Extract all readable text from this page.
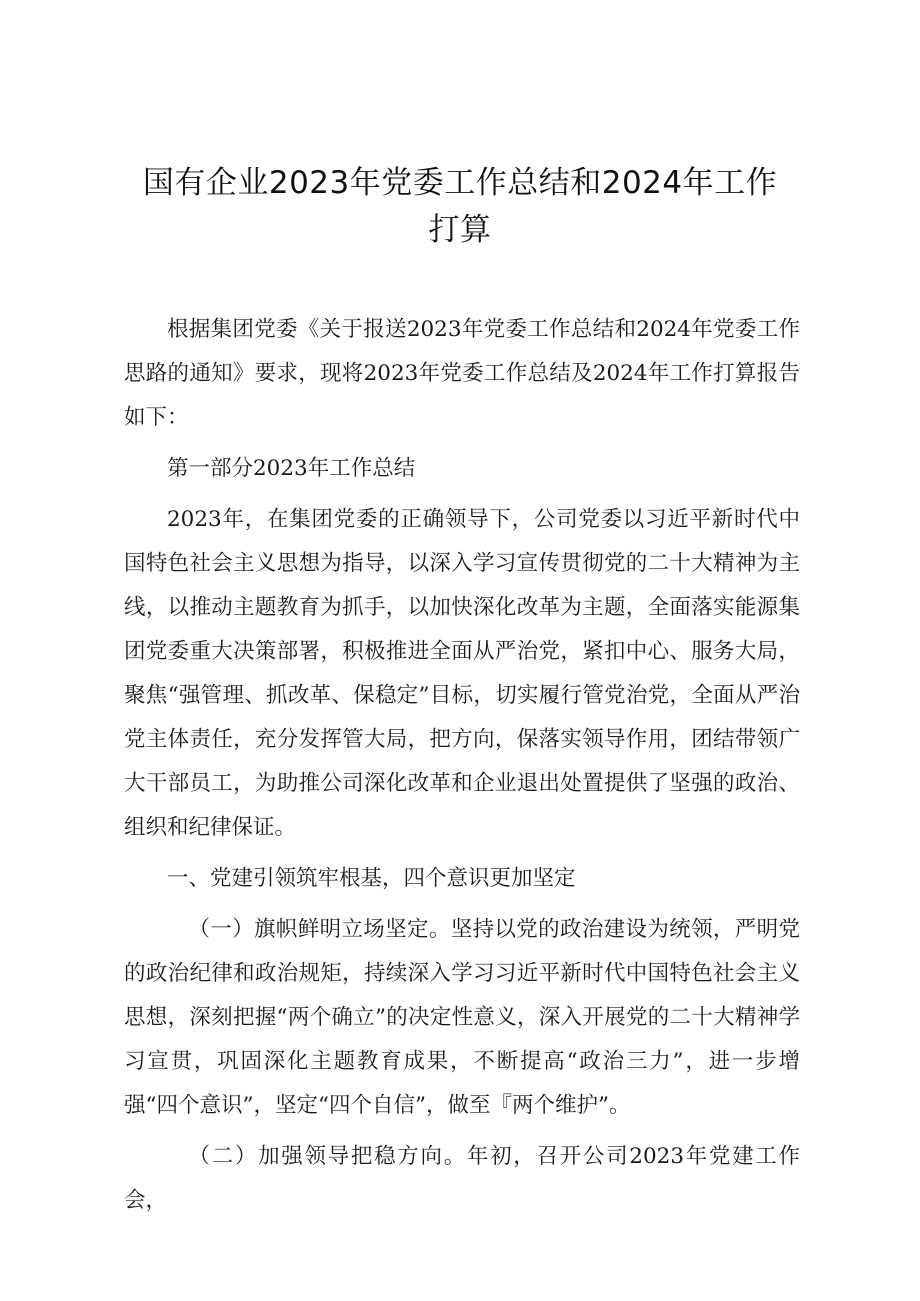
国有企业2023年党委工作总结和2024年工作
打算

根据集团党委《关于报送2023年党委工作总结和2024年党委工作思路的通知》要求，现将2023年党委工作总结及2024年工作打算报告如下：

第一部分2023年工作总结

2023年，在集团党委的正确领导下，公司党委以习近平新时代中国特色社会主义思想为指导，以深入学习宣传贯彻党的二十大精神为主线，以推动主题教育为抓手，以加快深化改革为主题，全面落实能源集团党委重大决策部署，积极推进全面从严治党，紧扣中心、服务大局，聚焦“强管理、抓改革、保稳定”目标，切实履行管党治党，全面从严治党主体责任，充分发挥管大局，把方向，保落实领导作用，团结带领广大干部员工，为助推公司深化改革和企业退出处置提供了坚强的政治、组织和纪律保证。

一、党建引领筑牢根基，四个意识更加坚定

（一）旗帜鲜明立场坚定。坚持以党的政治建设为统领，严明党的政治纪律和政治规矩，持续深入学习习近平新时代中国特色社会主义思想，深刻把握“两个确立”的决定性意义，深入开展党的二十大精神学习宣贯，巩固深化主题教育成果，不断提高“政治三力”，进一步增强“四个意识”，坚定“四个自信”，做至『两个维护”。

（二）加强领导把稳方向。年初，召开公司2023年党建工作会，
